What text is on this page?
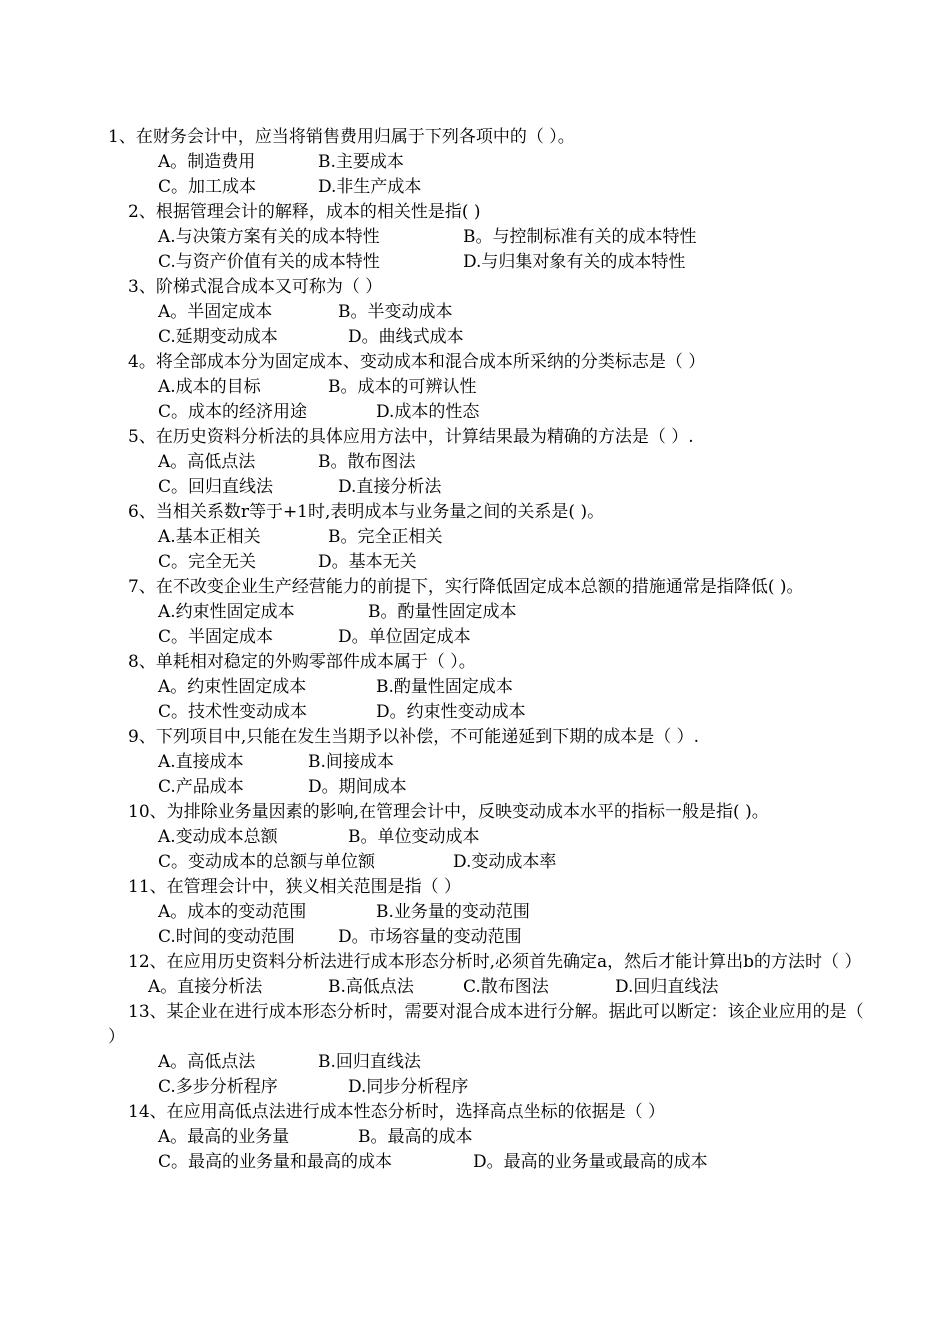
1、在财务会计中，应当将销售费用归属于下列各项中的（ ）。
A。制造费用	B.主要成本
C。加工成本	D.非生产成本
2、根据管理会计的解释，成本的相关性是指( )
A.与决策方案有关的成本特性	B。与控制标准有关的成本特性
C.与资产价值有关的成本特性	D.与归集对象有关的成本特性
3、阶梯式混合成本又可称为（ ）
A。半固定成本	B。半变动成本
C.延期变动成本	D。曲线式成本
4。将全部成本分为固定成本、变动成本和混合成本所采纳的分类标志是（ ）
A.成本的目标	B。成本的可辨认性
C。成本的经济用途	D.成本的性态
5、在历史资料分析法的具体应用方法中，计算结果最为精确的方法是（ ）.
A。高低点法	B。散布图法
C。回归直线法	D.直接分析法
6、当相关系数r等于+1时,表明成本与业务量之间的关系是( )。
A.基本正相关	B。完全正相关
C。完全无关	D。基本无关
7、在不改变企业生产经营能力的前提下，实行降低固定成本总额的措施通常是指降低( )。
A.约束性固定成本	B。酌量性固定成本
C。半固定成本	D。单位固定成本
8、单耗相对稳定的外购零部件成本属于（ ）。
A。约束性固定成本	B.酌量性固定成本
C。技术性变动成本	D。约束性变动成本
9、下列项目中,只能在发生当期予以补偿，不可能递延到下期的成本是（ ）.
A.直接成本	B.间接成本
C.产品成本	D。期间成本
10、为排除业务量因素的影响,在管理会计中，反映变动成本水平的指标一般是指( )。
A.变动成本总额	B。单位变动成本
C。变动成本的总额与单位额	D.变动成本率
11、在管理会计中，狭义相关范围是指（ ）
A。成本的变动范围	B.业务量的变动范围
C.时间的变动范围	D。市场容量的变动范围
12、在应用历史资料分析法进行成本形态分析时,必须首先确定a，然后才能计算出b的方法时（ ）
A。直接分析法	B.高低点法	C.散布图法	D.回归直线法
13、某企业在进行成本形态分析时，需要对混合成本进行分解。据此可以断定：该企业应用的是（ ）
A。高低点法	B.回归直线法
C.多步分析程序	D.同步分析程序
14、在应用高低点法进行成本性态分析时，选择高点坐标的依据是（ ）
A。最高的业务量	B。最高的成本
C。最高的业务量和最高的成本	D。最高的业务量或最高的成本
